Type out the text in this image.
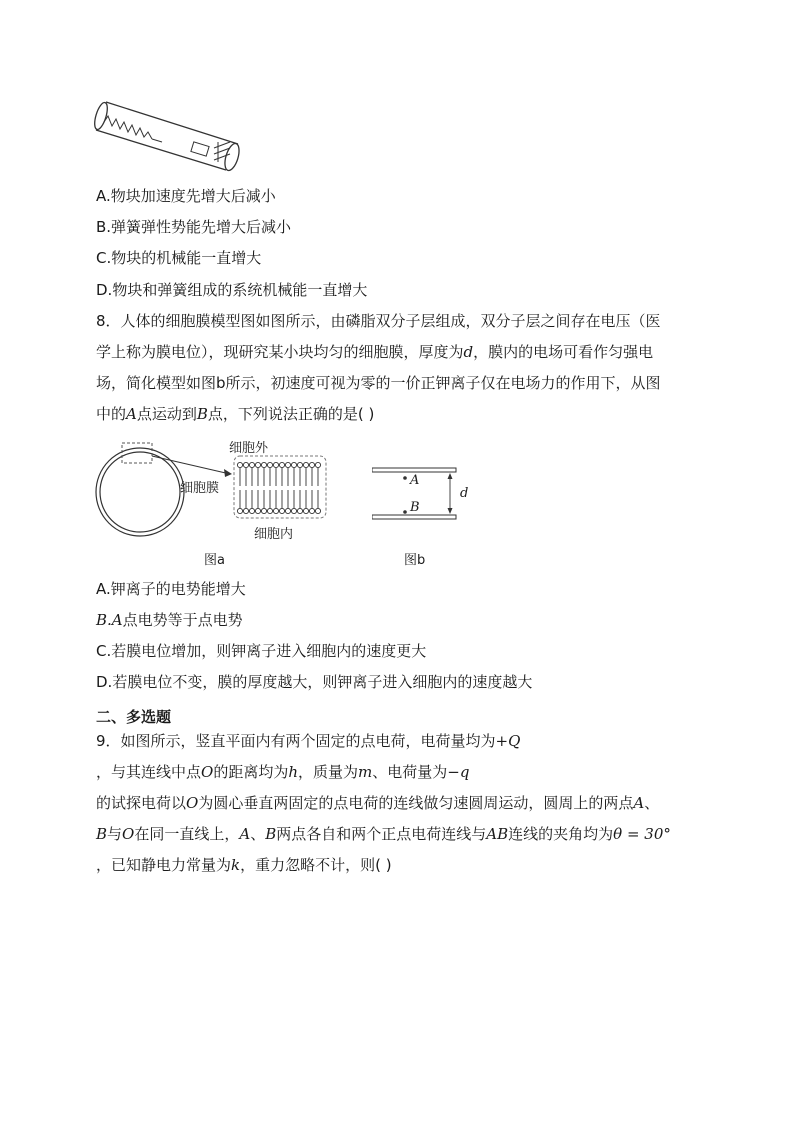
A.物块加速度先增大后减小
B.弹簧弹性势能先增大后减小
C.物块的机械能一直增大
D.物块和弹簧组成的系统机械能一直增大
8．人体的细胞膜模型图如图所示，由磷脂双分子层组成，双分子层之间存在电压（医
学上称为膜电位），现研究某小块均匀的细胞膜，厚度为d，膜内的电场可看作匀强电
场，简化模型如图b所示，初速度可视为零的一价正钾离子仅在电场力的作用下，从图
中的A点运动到B点，下列说法正确的是( )
细胞外
细胞膜
细胞内
图a
A
B
d
图b
A.钾离子的电势能增大
B.A点电势等于点电势
C.若膜电位增加，则钾离子进入细胞内的速度更大
D.若膜电位不变，膜的厚度越大，则钾离子进入细胞内的速度越大
二、多选题
9．如图所示，竖直平面内有两个固定的点电荷，电荷量均为+Q
，与其连线中点O的距离均为h，质量为m、电荷量为−q
的试探电荷以O为圆心垂直两固定的点电荷的连线做匀速圆周运动，圆周上的两点A、
B与O在同一直线上，A、B两点各自和两个正点电荷连线与AB连线的夹角均为θ = 30°
，已知静电力常量为k，重力忽略不计，则( )
